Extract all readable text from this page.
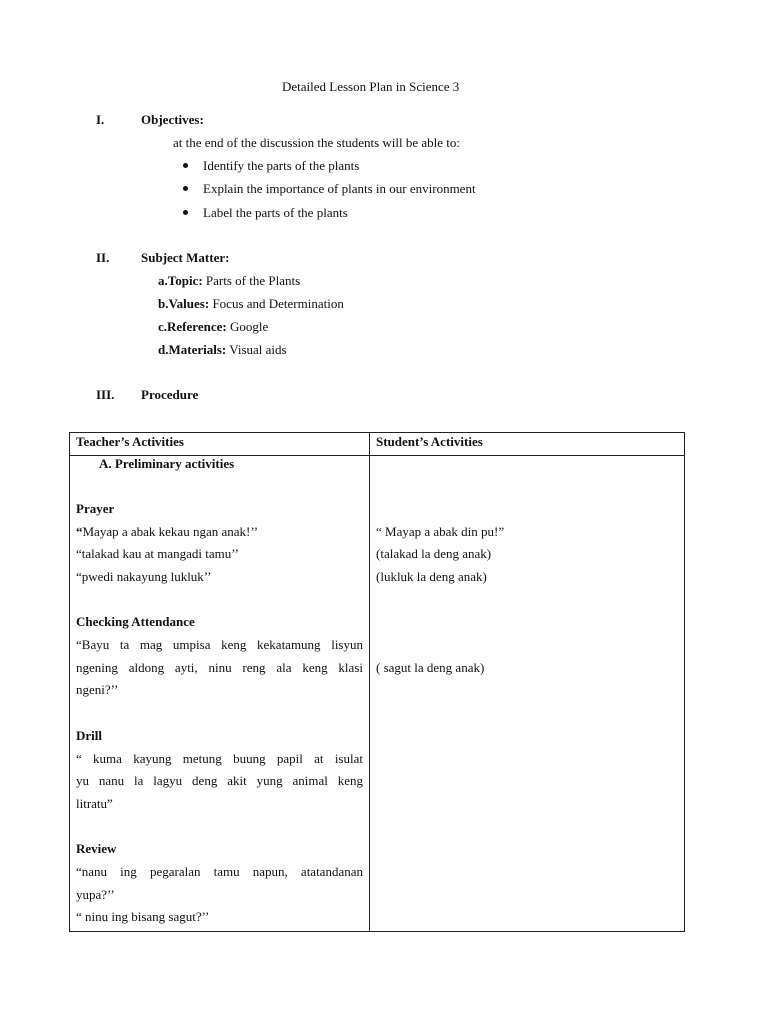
Detailed Lesson Plan in Science 3
I.	Objectives:
at the end of the discussion the students will be able to:
Identify the parts of the plants
Explain the importance of plants in our environment
Label the parts of the plants
II. Subject Matter:
a.Topic: Parts of the Plants
b.Values: Focus and Determination
c.Reference: Google
d.Materials: Visual aids
III. Procedure
Teacher’s Activities	Student’s Activities
A. Preliminary activities
Prayer
“Mayap a abak kekau ngan anak!’’
“talakad kau at mangadi tamu’’
“pwedi nakayung lukluk’’
“ Mayap a abak din pu!”
(talakad la deng anak)
(lukluk la deng anak)
Checking Attendance
“Bayu ta mag umpisa keng kekatamung lisyun
ngening aldong ayti, ninu reng ala keng klasi
ngeni?’’
( sagut la deng anak)
Drill
“ kuma kayung metung buung papil at isulat
yu nanu la lagyu deng akit yung animal keng
litratu”
Review
“nanu ing pegaralan tamu napun, atatandanan
yupa?’’
“ ninu ing bisang sagut?’’
